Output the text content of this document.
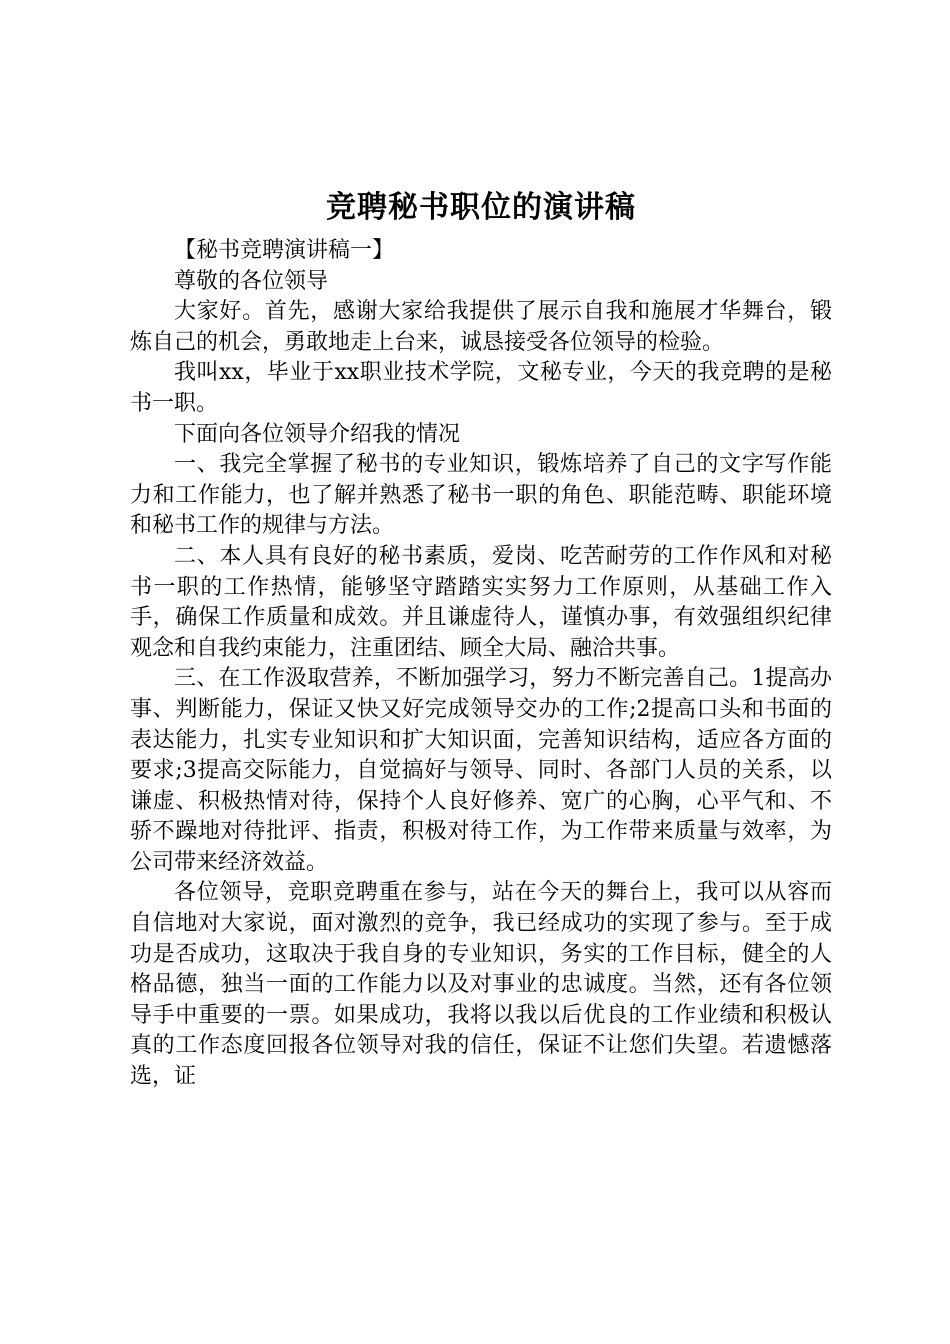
竞聘秘书职位的演讲稿

【秘书竞聘演讲稿一】

尊敬的各位领导

大家好。首先，感谢大家给我提供了展示自我和施展才华舞台，锻炼自己的机会，勇敢地走上台来，诚恳接受各位领导的检验。

我叫xx，毕业于xx职业技术学院，文秘专业，今天的我竞聘的是秘书一职。

下面向各位领导介绍我的情况

一、我完全掌握了秘书的专业知识，锻炼培养了自己的文字写作能力和工作能力，也了解并熟悉了秘书一职的角色、职能范畴、职能环境和秘书工作的规律与方法。

二、本人具有良好的秘书素质，爱岗、吃苦耐劳的工作作风和对秘书一职的工作热情，能够坚守踏踏实实努力工作原则，从基础工作入手，确保工作质量和成效。并且谦虚待人，谨慎办事，有效强组织纪律观念和自我约束能力，注重团结、顾全大局、融洽共事。

三、在工作汲取营养，不断加强学习，努力不断完善自己。1提高办事、判断能力，保证又快又好完成领导交办的工作;2提高口头和书面的表达能力，扎实专业知识和扩大知识面，完善知识结构，适应各方面的要求;3提高交际能力，自觉搞好与领导、同时、各部门人员的关系，以谦虚、积极热情对待，保持个人良好修养、宽广的心胸，心平气和、不骄不躁地对待批评、指责，积极对待工作，为工作带来质量与效率，为公司带来经济效益。

各位领导，竞职竞聘重在参与，站在今天的舞台上，我可以从容而自信地对大家说，面对激烈的竞争，我已经成功的实现了参与。至于成功是否成功，这取决于我自身的专业知识，务实的工作目标，健全的人格品德，独当一面的工作能力以及对事业的忠诚度。当然，还有各位领导手中重要的一票。如果成功，我将以我以后优良的工作业绩和积极认真的工作态度回报各位领导对我的信任，保证不让您们失望。若遗憾落选，证
